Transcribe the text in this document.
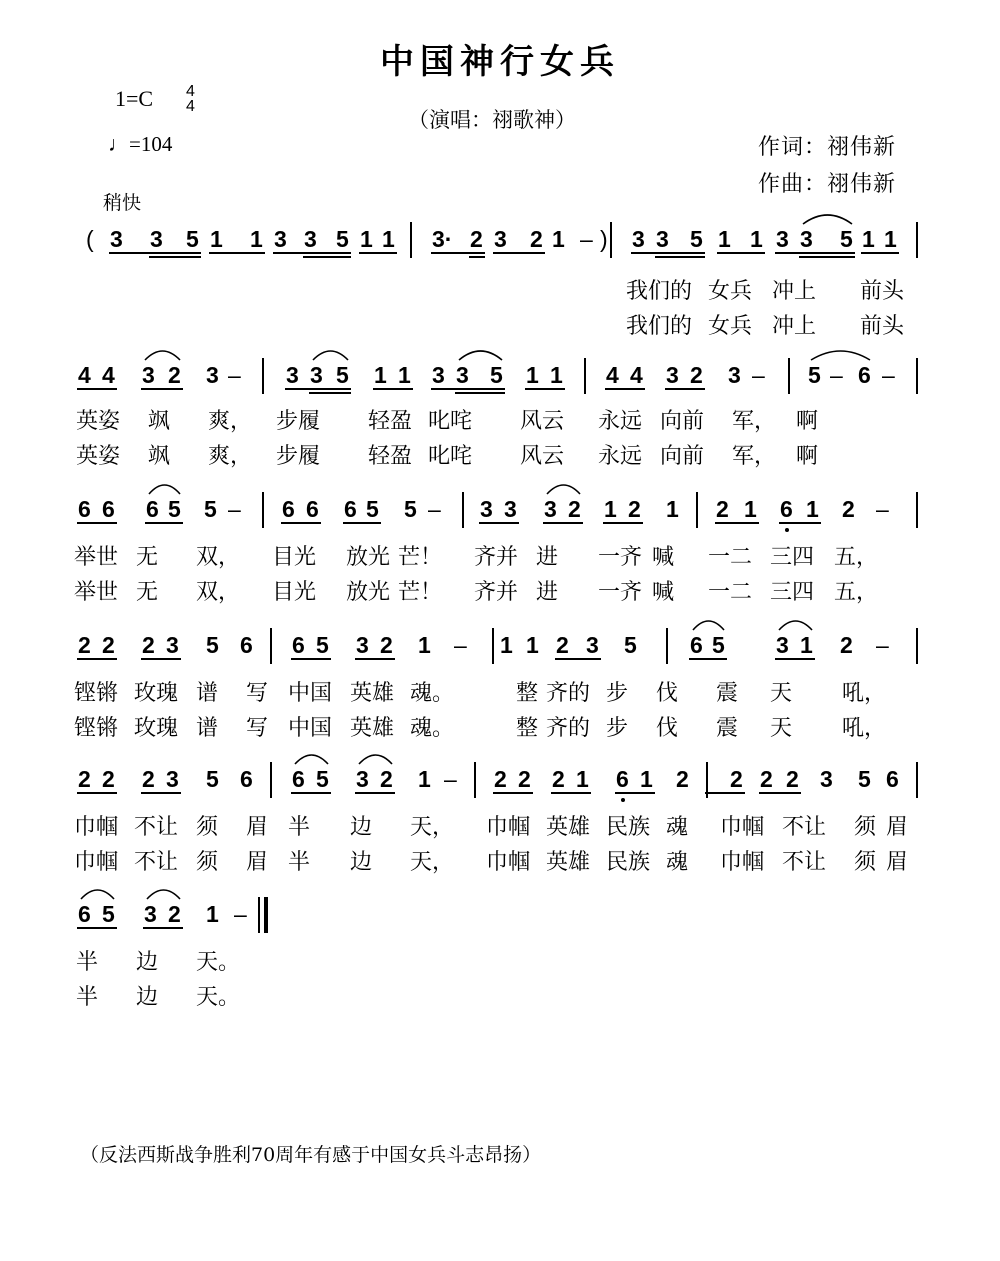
中国神行女兵
1=C 4
4
♩=104
（演唱：祤歌神）
作词：祤伟新
作曲：祤伟新
稍快
( 3 3 5 1 1 3 3 5 1 1 3· 2 3 2 1 – ) 3 3 5 1 1 3 3 5 1 1
我们的 女兵 冲上 前头
我们的 女兵 冲上 前头
4 4 3 2 3 – 3 3 5 1 1 3 3 5 1 1 4 4 3 2 3 – 5 – 6 –
英姿 飒 爽， 步履 轻盈 叱咤 风云 永远 向前 军， 啊
英姿 飒 爽， 步履 轻盈 叱咤 风云 永远 向前 军， 啊
6 6 6 5 5 – 6 6 6 5 5 – 3 3 3 2 1 2 1 2 1 6 1 2 –
举世 无 双， 目光 放光 芒！ 齐并 进 一齐 喊 一二 三四 五，
举世 无 双， 目光 放光 芒！ 齐并 进 一齐 喊 一二 三四 五，
2 2 2 3 5 6 6 5 3 2 1 – 1 1 2 3 5 6 5 3 1 2 –
铿锵 玫瑰 谱 写 中国 英雄 魂。	整 齐的 步 伐 震 天 吼，
铿锵 玫瑰 谱 写 中国 英雄 魂。	整 齐的 步 伐 震 天 吼，
2 2 2 3 5 6 6 5 3 2 1 – 2 2 2 1 6 1 2 2 2 2 3 5 6
巾帼 不让 须 眉 半 边 天， 巾帼 英雄 民族 魂 巾帼 不让 须 眉
巾帼 不让 须 眉 半 边 天， 巾帼 英雄 民族 魂 巾帼 不让 须 眉
6 5 3 2 1 –
半 边 天。
半 边 天。
（反法西斯战争胜利70周年有感于中国女兵斗志昂扬）
